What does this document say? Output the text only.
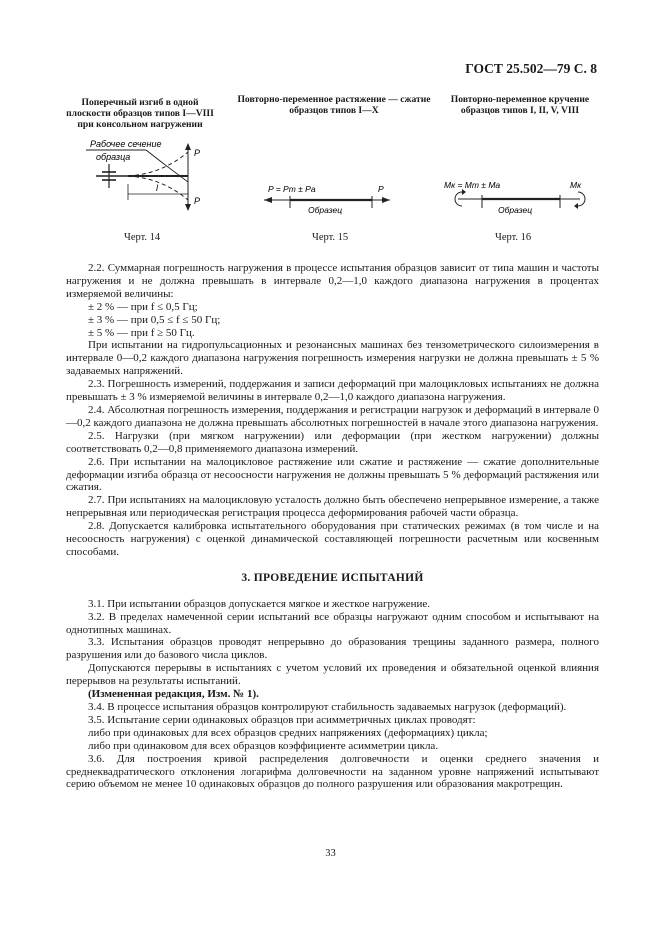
ГОСТ 25.502—79 С. 8
Поперечный изгиб в одной плоскости образцов типов I—VIII при консольном нагружении
Повторно-переменное растяжение — сжатие образцов типов I—X
Повторно-переменное кручение образцов типов I, II, V, VIII
Рабочее сечение
образца	P
P
l
Черт. 14
P = Pm ± Pa	P
Образец
Черт. 15
Mк = Mm ± Ma	Mк
Образец
Черт. 16

2.2. Суммарная погрешность нагружения в процессе испытания образцов зависит от типа машин и частоты нагружения и не должна превышать в интервале 0,2—1,0 каждого диапазона нагружения в процентах измеряемой величины:

± 2 % — при f ≤ 0,5 Гц;

± 3 % — при 0,5 ≤ f ≤ 50 Гц;

± 5 % — при f ≥ 50 Гц.

При испытании на гидропульсационных и резонансных машинах без тензометрического силоизмерения в интервале 0—0,2 каждого диапазона нагружения погрешность измерения нагрузки не должна превышать ± 5 % задаваемых напряжений.

2.3. Погрешность измерений, поддержания и записи деформаций при малоцикловых испытаниях не должна превышать ± 3 % измеряемой величины в интервале 0,2—1,0 каждого диапазона нагружения.

2.4. Абсолютная погрешность измерения, поддержания и регистрации нагрузок и деформаций в интервале 0—0,2 каждого диапазона не должна превышать абсолютных погрешностей в начале этого диапазона нагружения.

2.5. Нагрузки (при мягком нагружении) или деформации (при жестком нагружении) должны соответствовать 0,2—0,8 применяемого диапазона измерений.

2.6. При испытании на малоцикловое растяжение или сжатие и растяжение — сжатие дополнительные деформации изгиба образца от несоосности нагружения не должны превышать 5 % деформаций растяжения или сжатия.

2.7. При испытаниях на малоцикловую усталость должно быть обеспечено непрерывное измерение, а также непрерывная или периодическая регистрация процесса деформирования рабочей части образца.

2.8. Допускается калибровка испытательного оборудования при статических режимах (в том числе и на несоосность нагружения) с оценкой динамической составляющей погрешности расчетным или косвенным способами.

3. ПРОВЕДЕНИЕ ИСПЫТАНИЙ

3.1. При испытании образцов допускается мягкое и жесткое нагружение.

3.2. В пределах намеченной серии испытаний все образцы нагружают одним способом и испытывают на однотипных машинах.

3.3. Испытания образцов проводят непрерывно до образования трещины заданного размера, полного разрушения или до базового числа циклов.

Допускаются перерывы в испытаниях с учетом условий их проведения и обязательной оценкой влияния перерывов на результаты испытаний.

(Измененная редакция, Изм. № 1).

3.4. В процессе испытания образцов контролируют стабильность задаваемых нагрузок (деформаций).

3.5. Испытание серии одинаковых образцов при асимметричных циклах проводят:

либо при одинаковых для всех образцов средних напряжениях (деформациях) цикла;

либо при одинаковом для всех образцов коэффициенте асимметрии цикла.

3.6. Для построения кривой распределения долговечности и оценки среднего значения и среднеквадратического отклонения логарифма долговечности на заданном уровне напряжений испытывают серию объемом не менее 10 одинаковых образцов до полного разрушения или образования макротрещин.

33
